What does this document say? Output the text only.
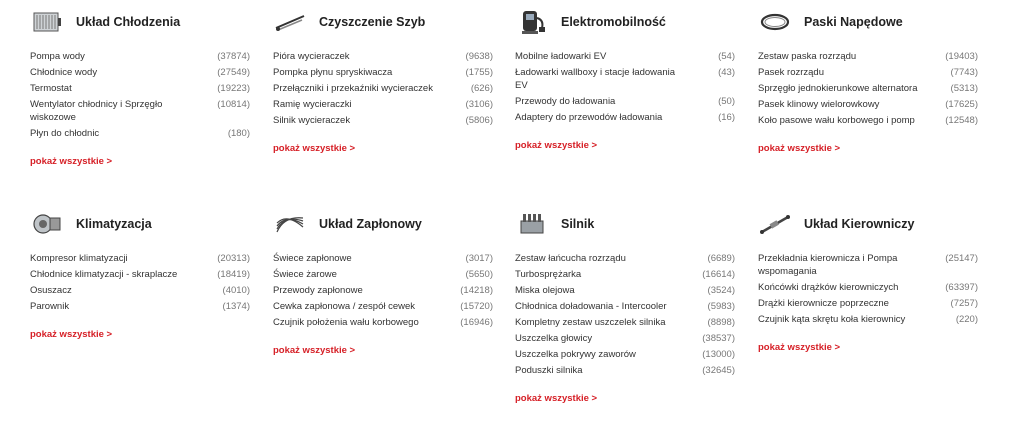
Układ Chłodzenia
Pompa wody	(37874)
Chłodnice wody	(27549)
Termostat	(19223)
Wentylator chłodnicy i Sprzęgło wiskozowe
(10814)
Płyn do chłodnic	(180)
pokaż wszystkie >
Czyszczenie Szyb
Pióra wycieraczek	(9638)
Pompka płynu spryskiwacza	(1755)
Przełączniki i przekaźniki wycieraczek	(626)
Ramię wycieraczki	(3106)
Silnik wycieraczek	(5806)
pokaż wszystkie >
Elektromobilność
Mobilne ładowarki EV	(54)
Ładowarki wallboxy i stacje ładowania EV
(43)
Przewody do ładowania	(50)
Adaptery do przewodów ładowania	(16)
pokaż wszystkie >
Paski Napędowe
Zestaw paska rozrządu	(19403)
Pasek rozrządu	(7743)
Sprzęgło jednokierunkowe alternatora	(5313)
Pasek klinowy wielorowkowy	(17625)
Koło pasowe wału korbowego i pomp	(12548)
pokaż wszystkie >
Klimatyzacja
Kompresor klimatyzacji	(20313)
Chłodnice klimatyzacji - skraplacze	(18419)
Osuszacz	(4010)
Parownik	(1374)
pokaż wszystkie >
Układ Zapłonowy
Świece zapłonowe	(3017)
Świece żarowe	(5650)
Przewody zapłonowe	(14218)
Cewka zapłonowa / zespół cewek	(15720)
Czujnik położenia wału korbowego	(16946)
pokaż wszystkie >
Silnik
Zestaw łańcucha rozrządu	(6689)
Turbosprężarka	(16614)
Miska olejowa	(3524)
Chłodnica doładowania - Intercooler	(5983)
Kompletny zestaw uszczelek silnika	(8898)
Uszczelka głowicy	(38537)
Uszczelka pokrywy zaworów	(13000)
Poduszki silnika	(32645)
pokaż wszystkie >
Układ Kierowniczy
Przekładnia kierownicza i Pompa wspomagania
(25147)
Końcówki drążków kierowniczych	(63397)
Drążki kierownicze poprzeczne	(7257)
Czujnik kąta skrętu koła kierownicy	(220)
pokaż wszystkie >
